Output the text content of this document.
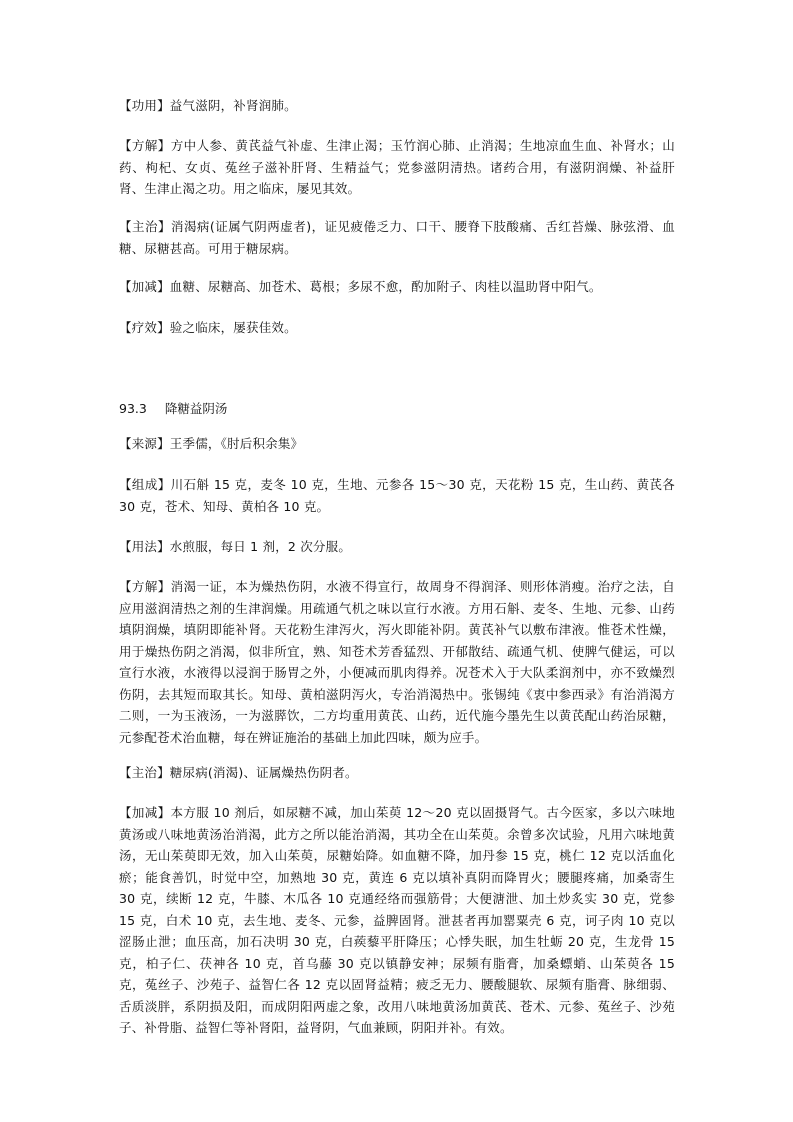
【功用】益气滋阴，补肾润肺。

【方解】方中人参、黄芪益气补虚、生津止渴；玉竹润心肺、止消渴；生地凉血生血、补肾水；山药、枸杞、女贞、菟丝子滋补肝肾、生精益气；党参滋阴清热。诸药合用，有滋阴润燥、补益肝肾、生津止渴之功。用之临床，屡见其效。

【主治】消渴病(证属气阴两虚者)，证见疲倦乏力、口干、腰脊下肢酸痛、舌红苔燥、脉弦滑、血糖、尿糖甚高。可用于糖尿病。

【加减】血糖、尿糖高、加苍术、葛根；多尿不愈，酌加附子、肉桂以温助肾中阳气。

【疗效】验之临床，屡获佳效。

93.3 降糖益阴汤

【来源】王季儒，《肘后积余集》

【组成】川石斛 15 克，麦冬 10 克，生地、元参各 15～30 克，天花粉 15 克，生山药、黄芪各 30 克，苍术、知母、黄柏各 10 克。

【用法】水煎服，每日 1 剂，2 次分服。

【方解】消渴一证，本为燥热伤阴，水液不得宣行，故周身不得润泽、则形体消瘦。治疗之法，自应用滋润清热之剂的生津润燥。用疏通气机之味以宣行水液。方用石斛、麦冬、生地、元参、山药填阴润燥，填阴即能补肾。天花粉生津泻火，泻火即能补阴。黄芪补气以敷布津液。惟苍术性燥，用于燥热伤阴之消渴，似非所宜，熟、知苍术芳香猛烈、开郁散结、疏通气机、使脾气健运，可以宣行水液，水液得以浸润于肠胃之外，小便减而肌肉得养。况苍术入于大队柔润剂中，亦不致燥烈伤阴，去其短而取其长。知母、黄柏滋阴泻火，专治消渴热中。张锡纯《衷中参西录》有治消渴方二则，一为玉液汤，一为滋膵饮，二方均重用黄芪、山药，近代施今墨先生以黄芪配山药治尿糖，元参配苍术治血糖，每在辨证施治的基础上加此四味，颇为应手。

【主治】糖尿病(消渴)、证属燥热伤阴者。

【加减】本方服 10 剂后，如尿糖不减，加山茱萸 12～20 克以固摄肾气。古今医家，多以六味地黄汤或八味地黄汤治消渴，此方之所以能治消渴，其功全在山茱萸。余曾多次试验，凡用六味地黄汤，无山茱萸即无效，加入山茱萸，尿糖始降。如血糖不降，加丹参 15 克，桃仁 12 克以活血化瘀；能食善饥，时觉中空，加熟地 30 克，黄连 6 克以填补真阴而降胃火；腰腿疼痛，加桑寄生 30 克，续断 12 克，牛膝、木瓜各 10 克通经络而强筋骨；大便溏泄、加土炒炙实 30 克，党参 15 克，白术 10 克，去生地、麦冬、元参，益脾固肾。泄甚者再加罂粟壳 6 克，诃子肉 10 克以涩肠止泄；血压高，加石决明 30 克，白蒺藜平肝降压；心悸失眠，加生牡蛎 20 克，生龙骨 15 克，柏子仁、茯神各 10 克，首乌藤 30 克以镇静安神；尿频有脂膏，加桑螵蛸、山茱萸各 15 克，菟丝子、沙苑子、益智仁各 12 克以固肾益精；疲乏无力、腰酸腿软、尿频有脂膏、脉细弱、舌质淡胖，系阴损及阳，而成阴阳两虚之象，改用八味地黄汤加黄芪、苍术、元参、菟丝子、沙苑子、补骨脂、益智仁等补肾阳，益肾阴，气血兼顾，阴阳并补。有效。
